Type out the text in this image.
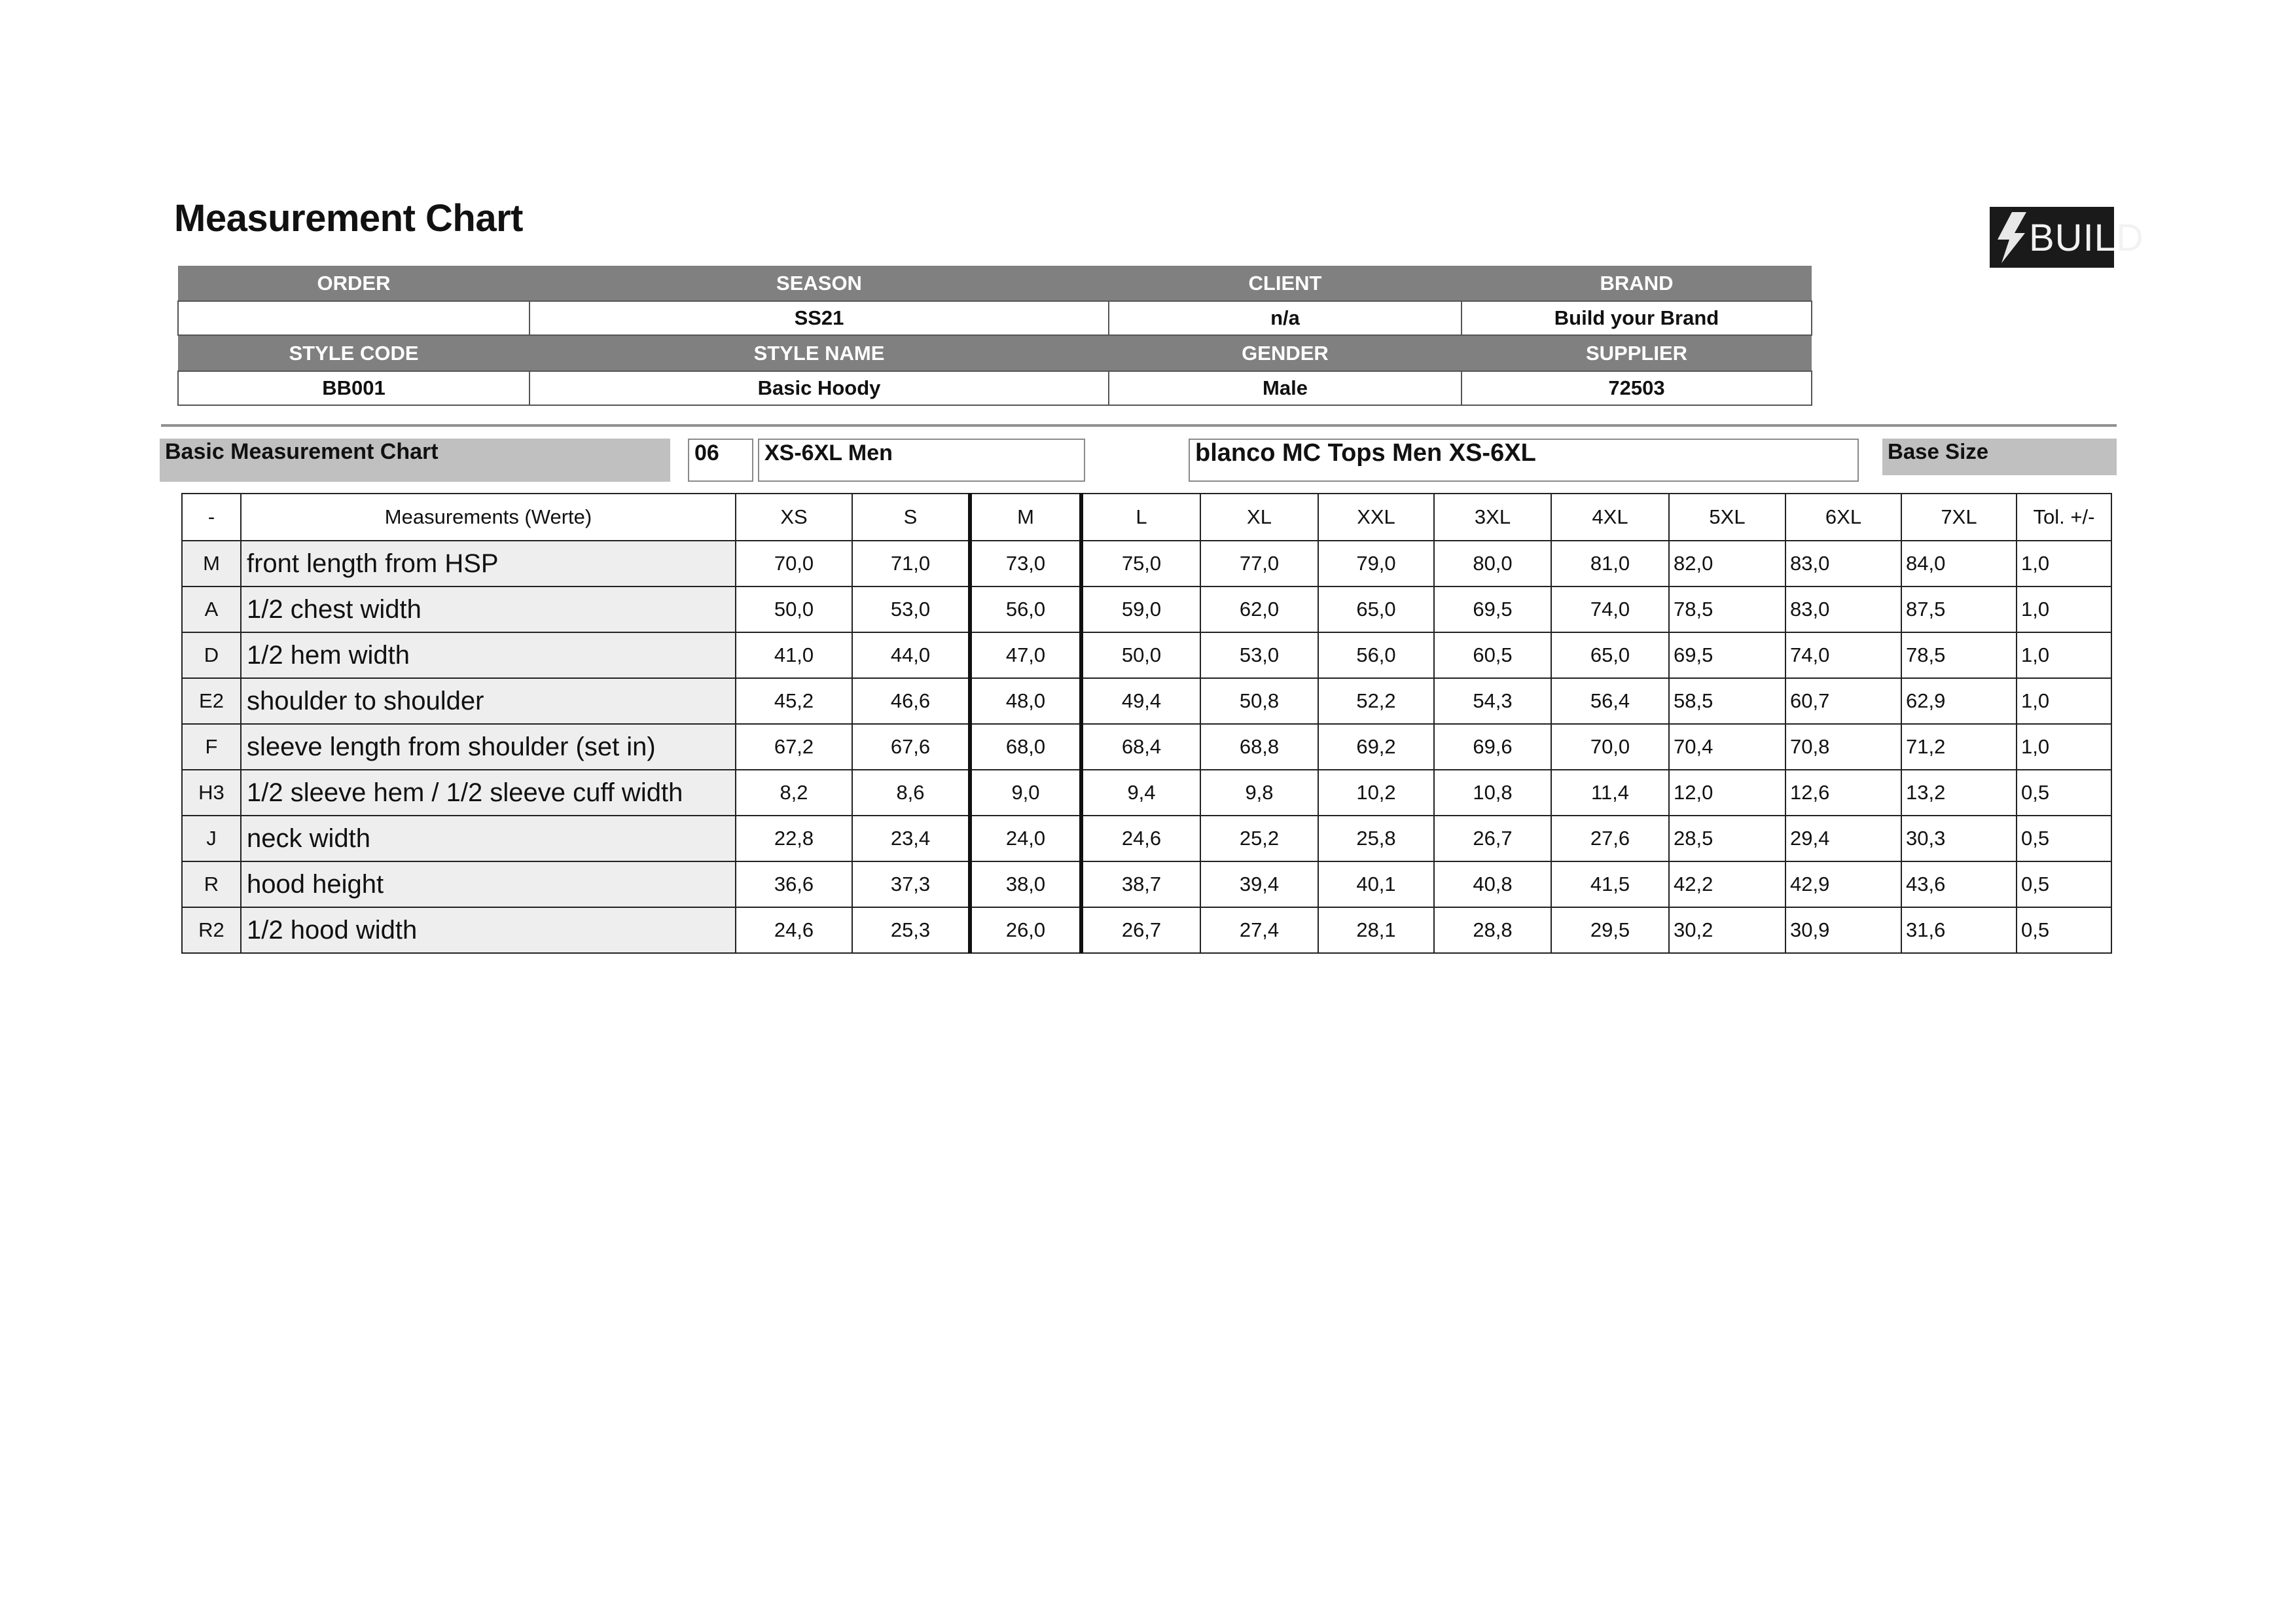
Measurement Chart	BUILD
ORDER	SEASON	CLIENT	BRAND
	SS21	n/a	Build your Brand
STYLE CODE	STYLE NAME	GENDER	SUPPLIER
BB001	Basic Hoody	Male	72503
Basic Measurement Chart	06	XS-6XL Men	blanco MC Tops Men XS-6XL	Base Size
-	Measurements (Werte)	XS	S	M	L	XL	XXL	3XL	4XL	5XL	6XL	7XL	Tol. +/-
M	front length from HSP	70,0	71,0	73,0	75,0	77,0	79,0	80,0	81,0	82,0	83,0	84,0	1,0
A	1/2 chest width	50,0	53,0	56,0	59,0	62,0	65,0	69,5	74,0	78,5	83,0	87,5	1,0
D	1/2 hem width	41,0	44,0	47,0	50,0	53,0	56,0	60,5	65,0	69,5	74,0	78,5	1,0
E2	shoulder to shoulder	45,2	46,6	48,0	49,4	50,8	52,2	54,3	56,4	58,5	60,7	62,9	1,0
F	sleeve length from shoulder (set in)	67,2	67,6	68,0	68,4	68,8	69,2	69,6	70,0	70,4	70,8	71,2	1,0
H3	1/2 sleeve hem / 1/2 sleeve cuff width	8,2	8,6	9,0	9,4	9,8	10,2	10,8	11,4	12,0	12,6	13,2	0,5
J	neck width	22,8	23,4	24,0	24,6	25,2	25,8	26,7	27,6	28,5	29,4	30,3	0,5
R	hood height	36,6	37,3	38,0	38,7	39,4	40,1	40,8	41,5	42,2	42,9	43,6	0,5
R2	1/2 hood width	24,6	25,3	26,0	26,7	27,4	28,1	28,8	29,5	30,2	30,9	31,6	0,5
